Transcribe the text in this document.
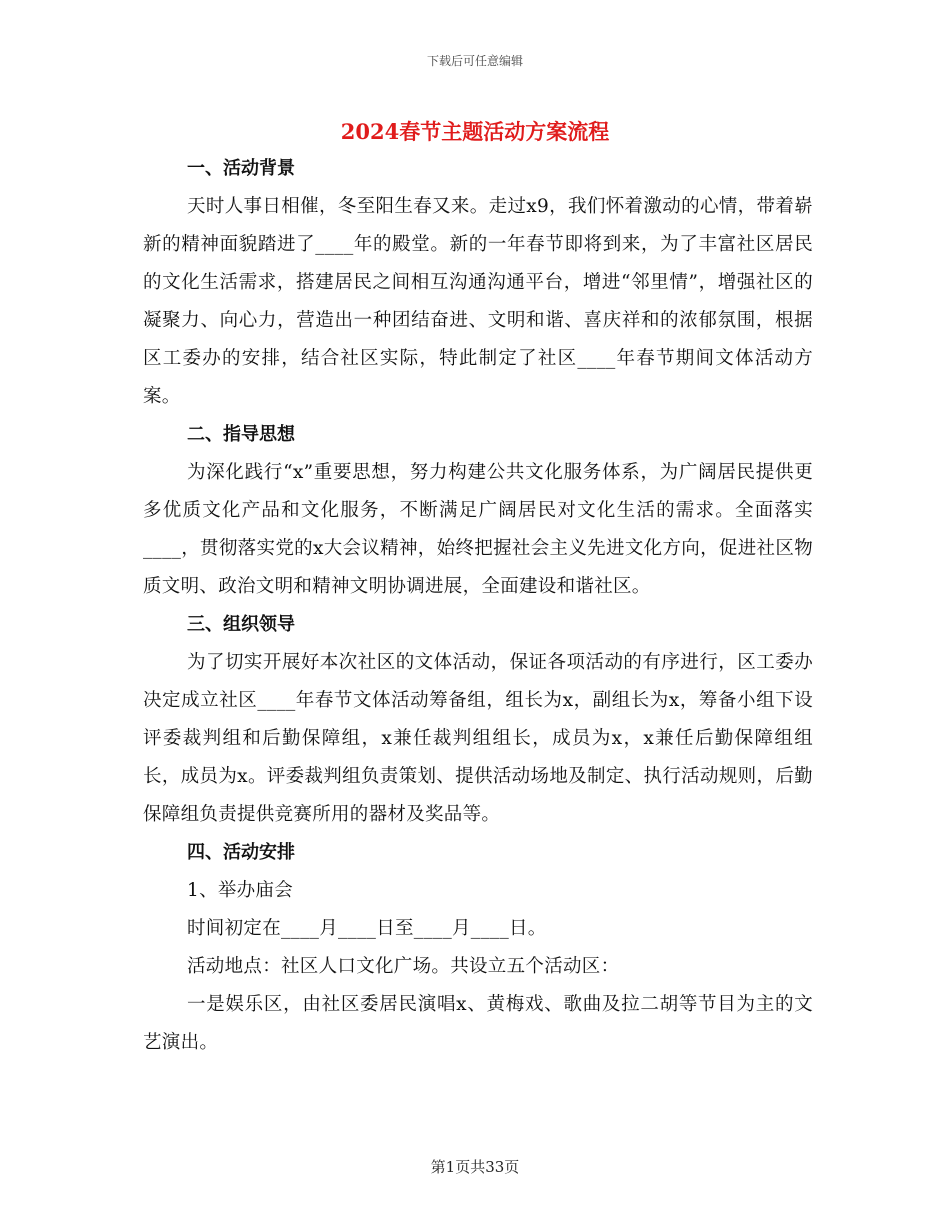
下载后可任意编辑
2024春节主题活动方案流程

一、活动背景

天时人事日相催，冬至阳生春又来。走过x9，我们怀着激动的心情，带着崭新的精神面貌踏进了____年的殿堂。新的一年春节即将到来，为了丰富社区居民的文化生活需求，搭建居民之间相互沟通沟通平台，增进“邻里情”，增强社区的凝聚力、向心力，营造出一种团结奋进、文明和谐、喜庆祥和的浓郁氛围，根据区工委办的安排，结合社区实际，特此制定了社区____年春节期间文体活动方案。

二、指导思想

为深化践行“x”重要思想，努力构建公共文化服务体系，为广阔居民提供更多优质文化产品和文化服务，不断满足广阔居民对文化生活的需求。全面落实____，贯彻落实党的x大会议精神，始终把握社会主义先进文化方向，促进社区物质文明、政治文明和精神文明协调进展，全面建设和谐社区。

三、组织领导

为了切实开展好本次社区的文体活动，保证各项活动的有序进行，区工委办决定成立社区____年春节文体活动筹备组，组长为x，副组长为x，筹备小组下设评委裁判组和后勤保障组，x兼任裁判组组长，成员为x，x兼任后勤保障组组长，成员为x。评委裁判组负责策划、提供活动场地及制定、执行活动规则，后勤保障组负责提供竞赛所用的器材及奖品等。

四、活动安排

1、举办庙会

时间初定在____月____日至____月____日。

活动地点：社区人口文化广场。共设立五个活动区：

一是娱乐区，由社区委居民演唱x、黄梅戏、歌曲及拉二胡等节目为主的文艺演出。

第1页共33页
